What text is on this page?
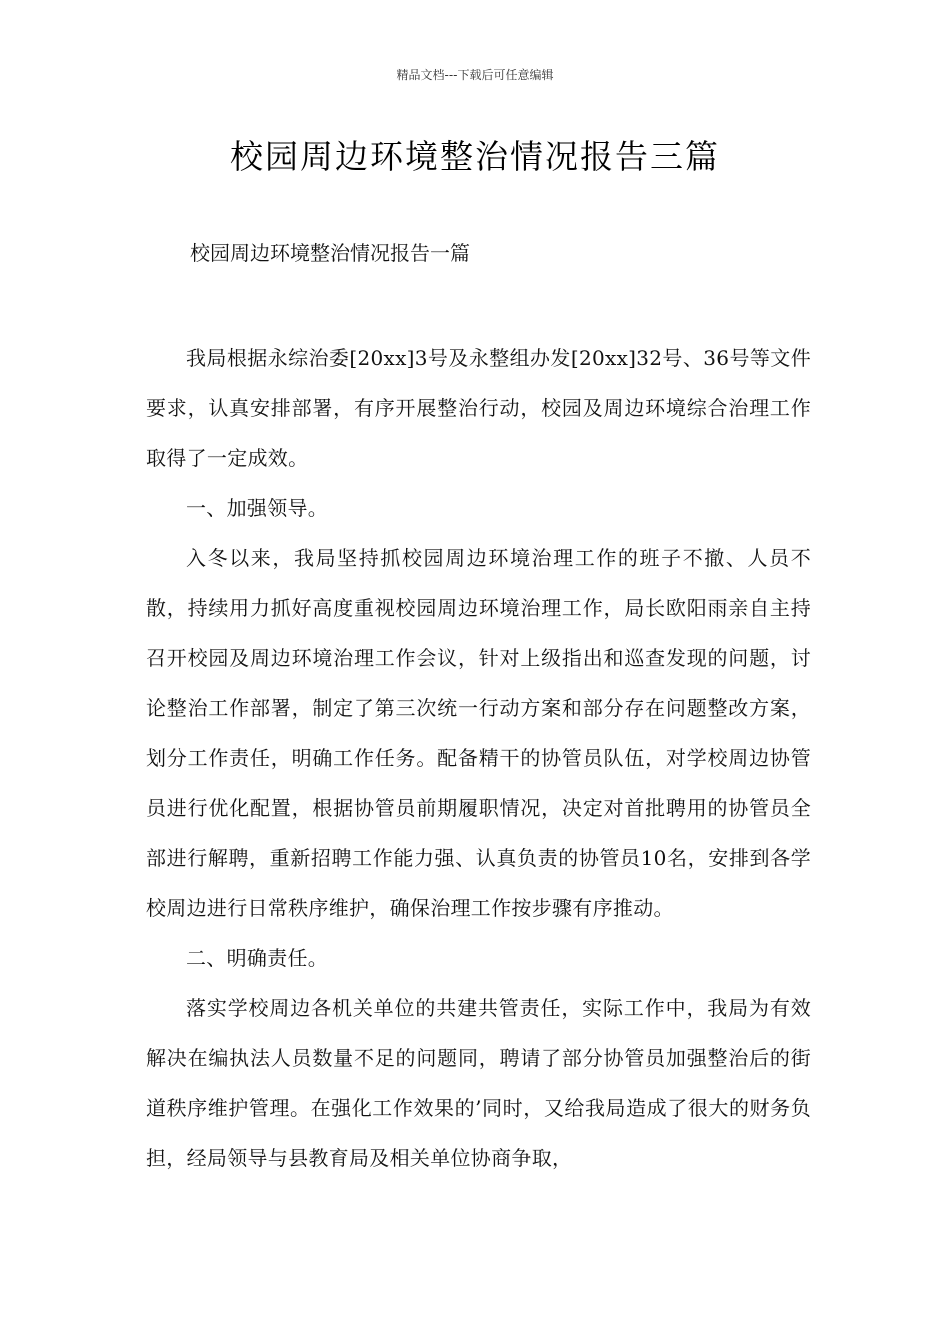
精品文档---下载后可任意编辑
校园周边环境整治情况报告三篇
校园周边环境整治情况报告一篇

我局根据永综治委[20xx]3号及永整组办发[20xx]32号、36号等文件要求，认真安排部署，有序开展整治行动，校园及周边环境综合治理工作取得了一定成效。

一、加强领导。

入冬以来，我局坚持抓校园周边环境治理工作的班子不撤、人员不散，持续用力抓好高度重视校园周边环境治理工作，局长欧阳雨亲自主持召开校园及周边环境治理工作会议，针对上级指出和巡查发现的问题，讨论整治工作部署，制定了第三次统一行动方案和部分存在问题整改方案，划分工作责任，明确工作任务。配备精干的协管员队伍，对学校周边协管员进行优化配置，根据协管员前期履职情况，决定对首批聘用的协管员全部进行解聘，重新招聘工作能力强、认真负责的协管员10名，安排到各学校周边进行日常秩序维护，确保治理工作按步骤有序推动。

二、明确责任。

落实学校周边各机关单位的共建共管责任，实际工作中，我局为有效解决在编执法人员数量不足的问题同，聘请了部分协管员加强整治后的街道秩序维护管理。在强化工作效果的’同时，又给我局造成了很大的财务负担，经局领导与县教育局及相关单位协商争取，
